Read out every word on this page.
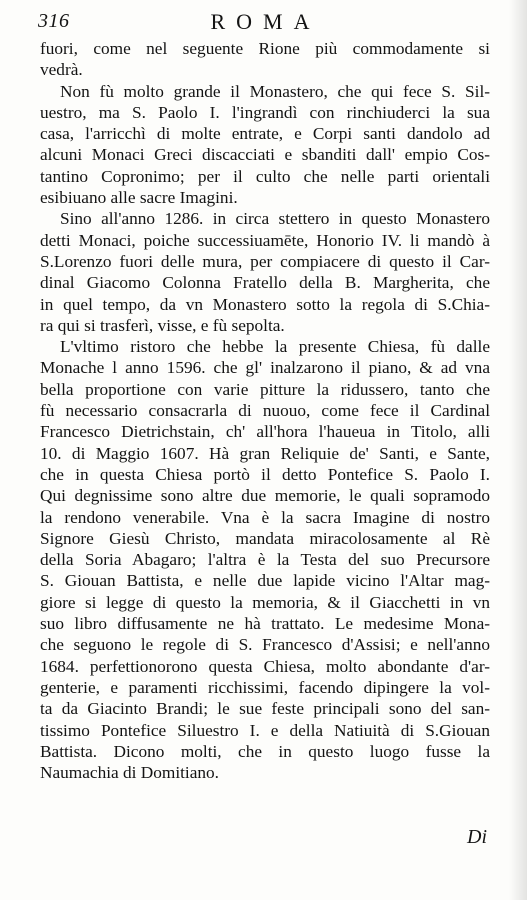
316	ROMA
fuori, come nel seguente Rione più commodamente si
vedrà.
Non fù molto grande il Monastero, che qui fece S. Sil-
uestro, ma S. Paolo I. l'ingrandì con rinchiuderci la sua
casa, l'arricchì di molte entrate, e Corpi santi dandolo ad
alcuni Monaci Greci discacciati e sbanditi dall' empio Cos-
tantino Copronimo; per il culto che nelle parti orientali
esibiuano alle sacre Imagini.
Sino all'anno 1286. in circa stettero in questo Monastero
detti Monaci, poiche successiuamēte, Honorio IV. li mandò à
S.Lorenzo fuori delle mura, per compiacere di questo il Car-
dinal Giacomo Colonna Fratello della B. Margherita, che
in quel tempo, da vn Monastero sotto la regola di S.Chia-
ra qui si trasferì, visse, e fù sepolta.
L'vltimo ristoro che hebbe la presente Chiesa, fù dalle
Monache l anno 1596. che gl' inalzarono il piano, & ad vna
bella proportione con varie pitture la ridussero, tanto che
fù necessario consacrarla di nuouo, come fece il Cardinal
Francesco Dietrichstain, ch' all'hora l'haueua in Titolo, alli
10. di Maggio 1607. Hà gran Reliquie de' Santi, e Sante,
che in questa Chiesa portò il detto Pontefice S. Paolo I.
Qui degnissime sono altre due memorie, le quali sopramodo
la rendono venerabile. Vna è la sacra Imagine di nostro
Signore Giesù Christo, mandata miracolosamente al Rè
della Soria Abagaro; l'altra è la Testa del suo Precursore
S. Giouan Battista, e nelle due lapide vicino l'Altar mag-
giore si legge di questo la memoria, & il Giacchetti in vn
suo libro diffusamente ne hà trattato. Le medesime Mona-
che seguono le regole di S. Francesco d'Assisi; e nell'anno
1684. perfettionorono questa Chiesa, molto abondante d'ar-
genterie, e paramenti ricchissimi, facendo dipingere la vol-
ta da Giacinto Brandi; le sue feste principali sono del san-
tissimo Pontefice Siluestro I. e della Natiuità di S.Giouan
Battista. Dicono molti, che in questo luogo fusse la
Naumachia di Domitiano.
Di
